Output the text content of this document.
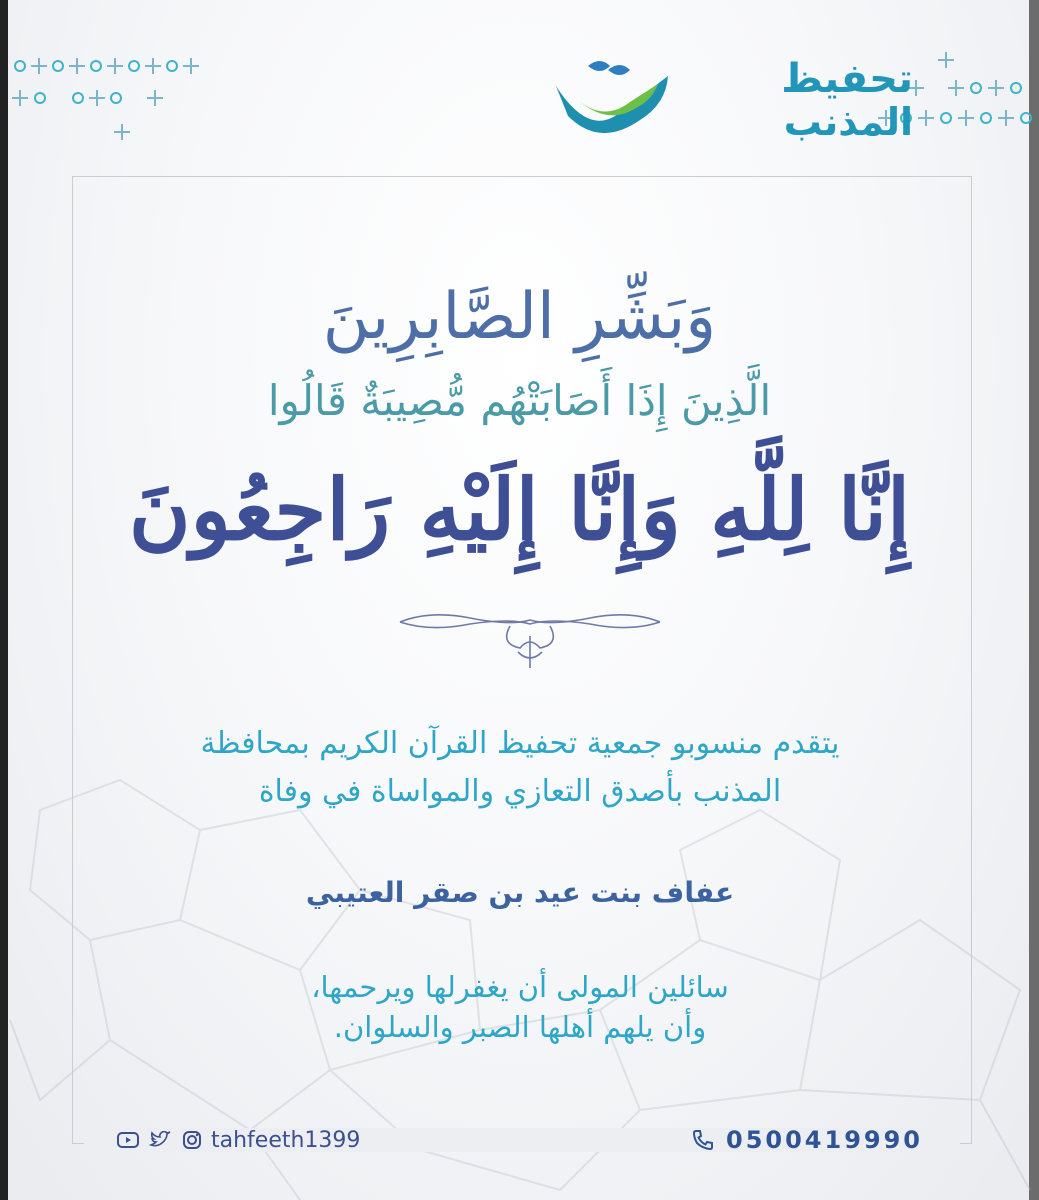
تحفيظ
المذنب
وَبَشِّرِ الصَّابِرِينَ
الَّذِينَ إِذَا أَصَابَتْهُم مُّصِيبَةٌ قَالُوا
إِنَّا لِلَّهِ وَإِنَّا إِلَيْهِ رَاجِعُونَ
يتقدم منسوبو جمعية تحفيظ القرآن الكريم بمحافظة
المذنب بأصدق التعازي والمواساة في وفاة
عفاف بنت عيد بن صقر العتيبي
سائلين المولى أن يغفرلها ويرحمها،
وأن يلهم أهلها الصبر والسلوان.
tahfeeth1399	0500419990
